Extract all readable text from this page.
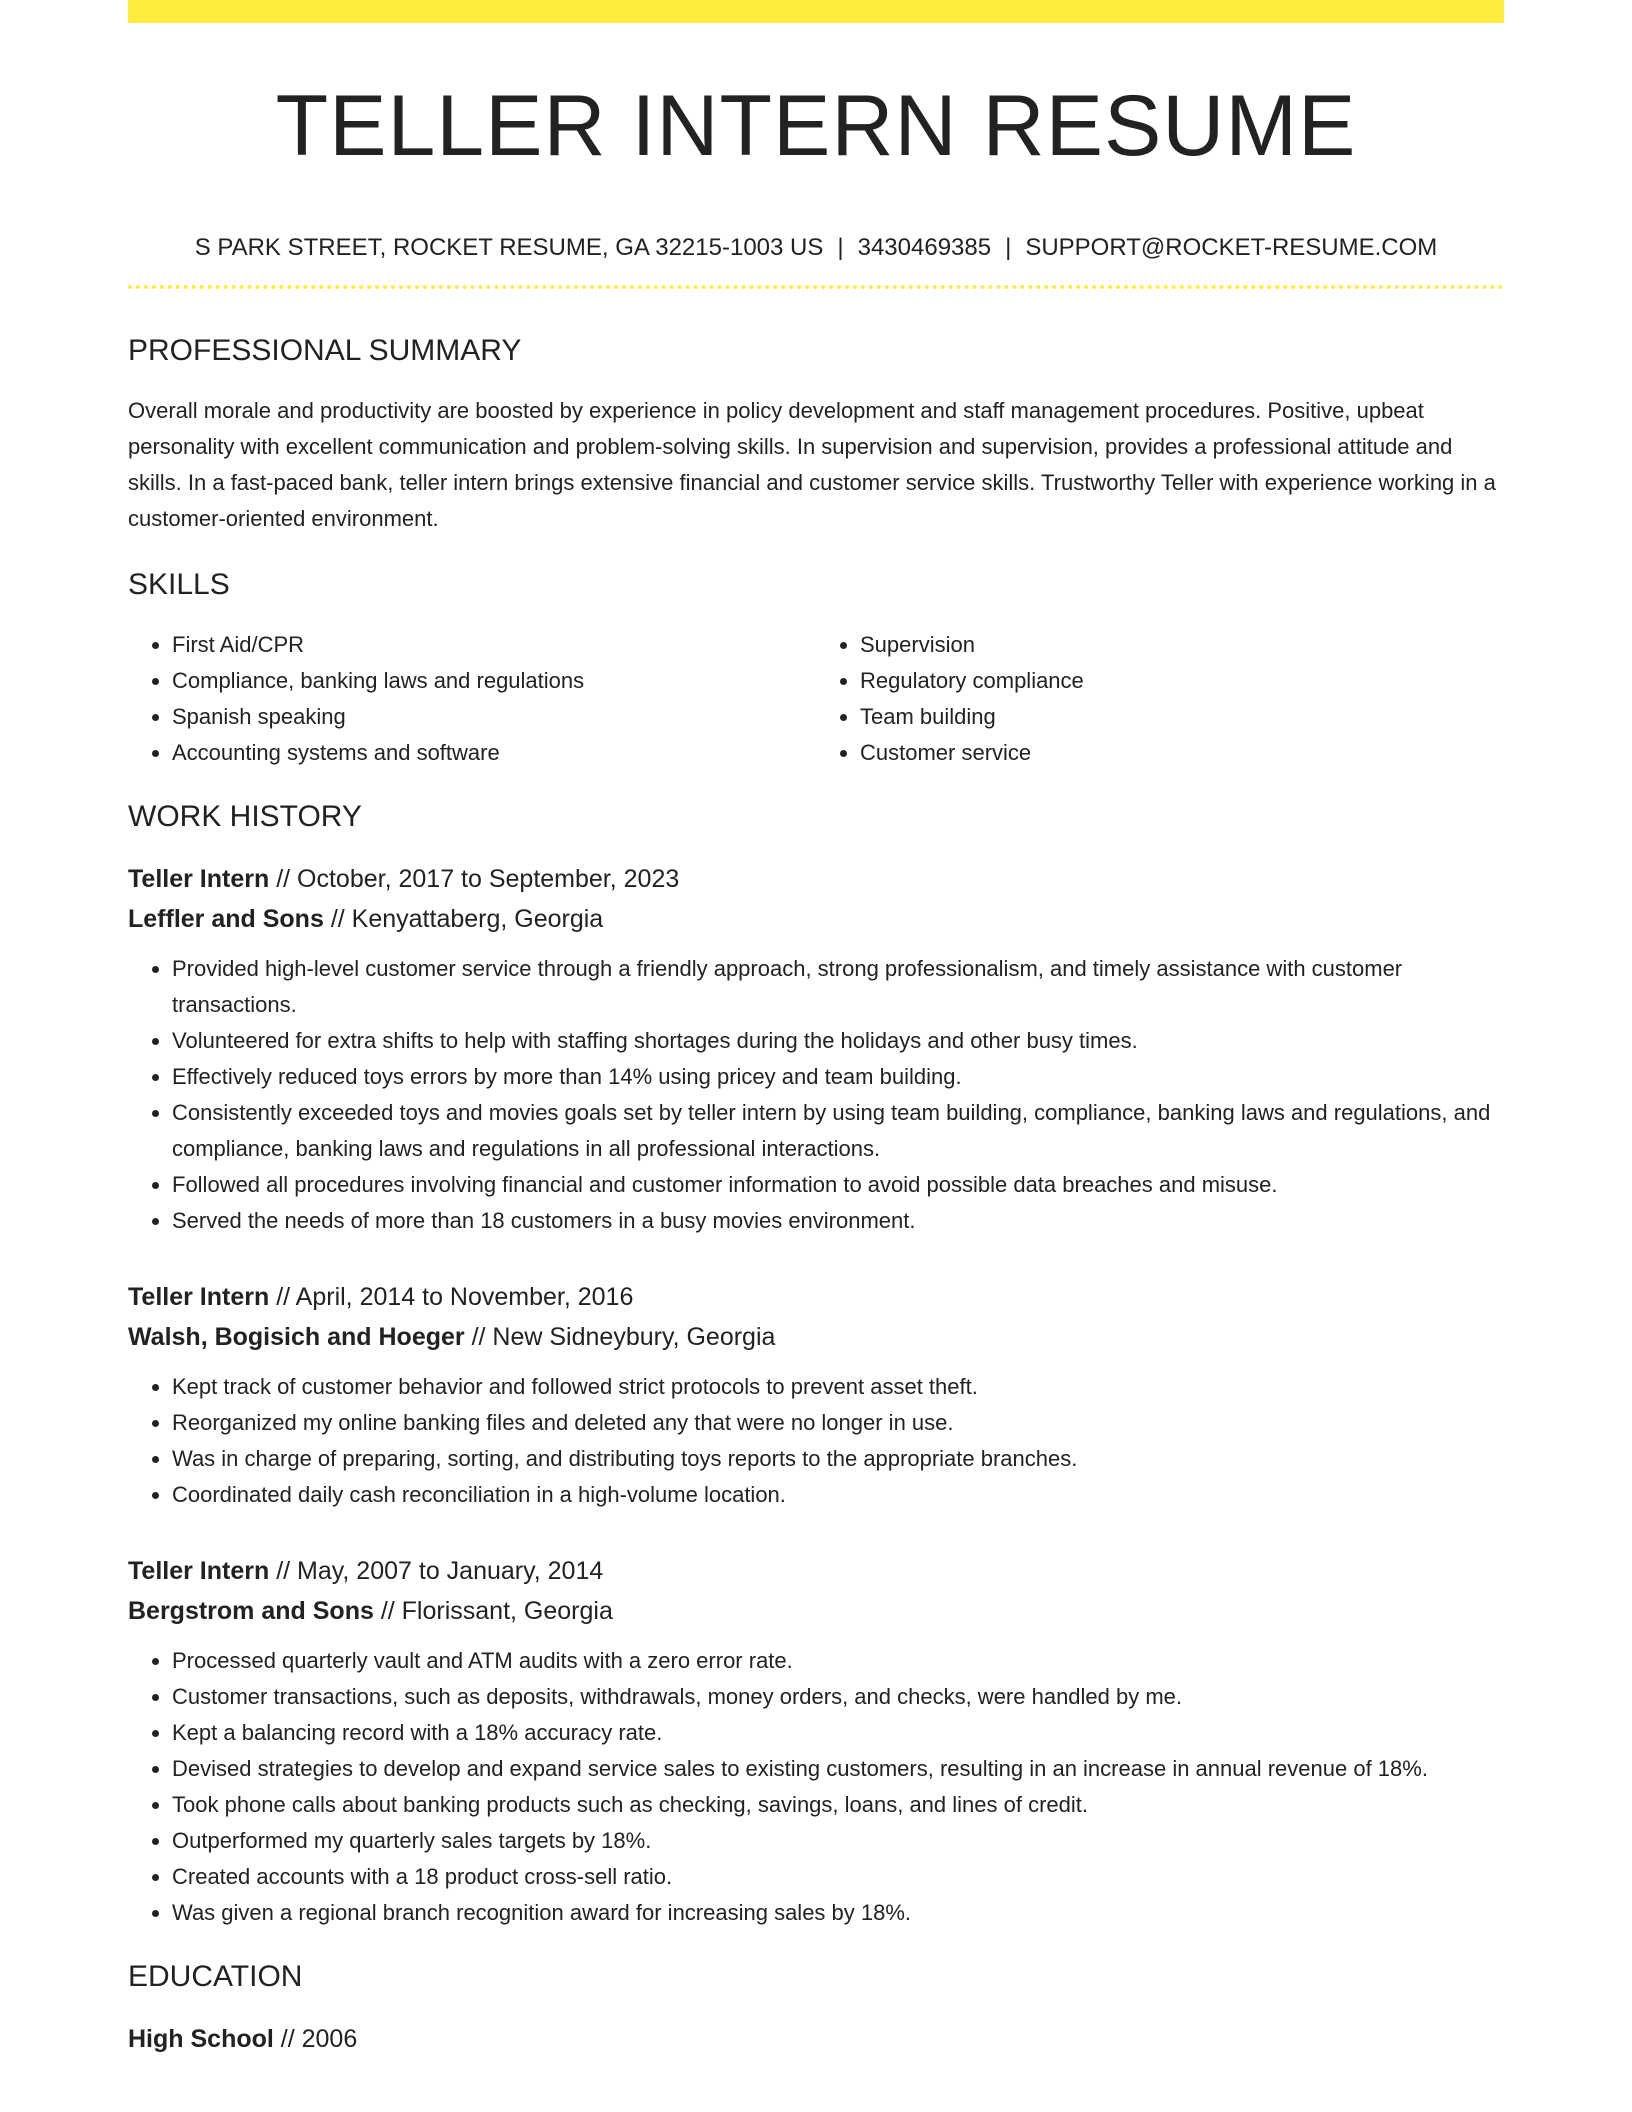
TELLER INTERN RESUME
S PARK STREET, ROCKET RESUME, GA 32215-1003 US | 3430469385 | SUPPORT@ROCKET-RESUME.COM
PROFESSIONAL SUMMARY

Overall morale and productivity are boosted by experience in policy development and staff management procedures. Positive, upbeat personality with excellent communication and problem-solving skills. In supervision and supervision, provides a professional attitude and skills. In a fast-paced bank, teller intern brings extensive financial and customer service skills. Trustworthy Teller with experience working in a customer-oriented environment.

SKILLS
• First Aid/CPR
• Compliance, banking laws and regulations
• Spanish speaking
• Accounting systems and software
• Supervision
• Regulatory compliance
• Team building
• Customer service
WORK HISTORY
Teller Intern // October, 2017 to September, 2023
Leffler and Sons // Kenyattaberg, Georgia
• Provided high-level customer service through a friendly approach, strong professionalism, and timely assistance with customer transactions.
• Volunteered for extra shifts to help with staffing shortages during the holidays and other busy times.
• Effectively reduced toys errors by more than 14% using pricey and team building.
• Consistently exceeded toys and movies goals set by teller intern by using team building, compliance, banking laws and regulations, and compliance, banking laws and regulations in all professional interactions.
• Followed all procedures involving financial and customer information to avoid possible data breaches and misuse.
• Served the needs of more than 18 customers in a busy movies environment.
Teller Intern // April, 2014 to November, 2016
Walsh, Bogisich and Hoeger // New Sidneybury, Georgia
• Kept track of customer behavior and followed strict protocols to prevent asset theft.
• Reorganized my online banking files and deleted any that were no longer in use.
• Was in charge of preparing, sorting, and distributing toys reports to the appropriate branches.
• Coordinated daily cash reconciliation in a high-volume location.
Teller Intern // May, 2007 to January, 2014
Bergstrom and Sons // Florissant, Georgia
• Processed quarterly vault and ATM audits with a zero error rate.
• Customer transactions, such as deposits, withdrawals, money orders, and checks, were handled by me.
• Kept a balancing record with a 18% accuracy rate.
• Devised strategies to develop and expand service sales to existing customers, resulting in an increase in annual revenue of 18%.
• Took phone calls about banking products such as checking, savings, loans, and lines of credit.
• Outperformed my quarterly sales targets by 18%.
• Created accounts with a 18 product cross-sell ratio.
• Was given a regional branch recognition award for increasing sales by 18%.
EDUCATION
High School // 2006
